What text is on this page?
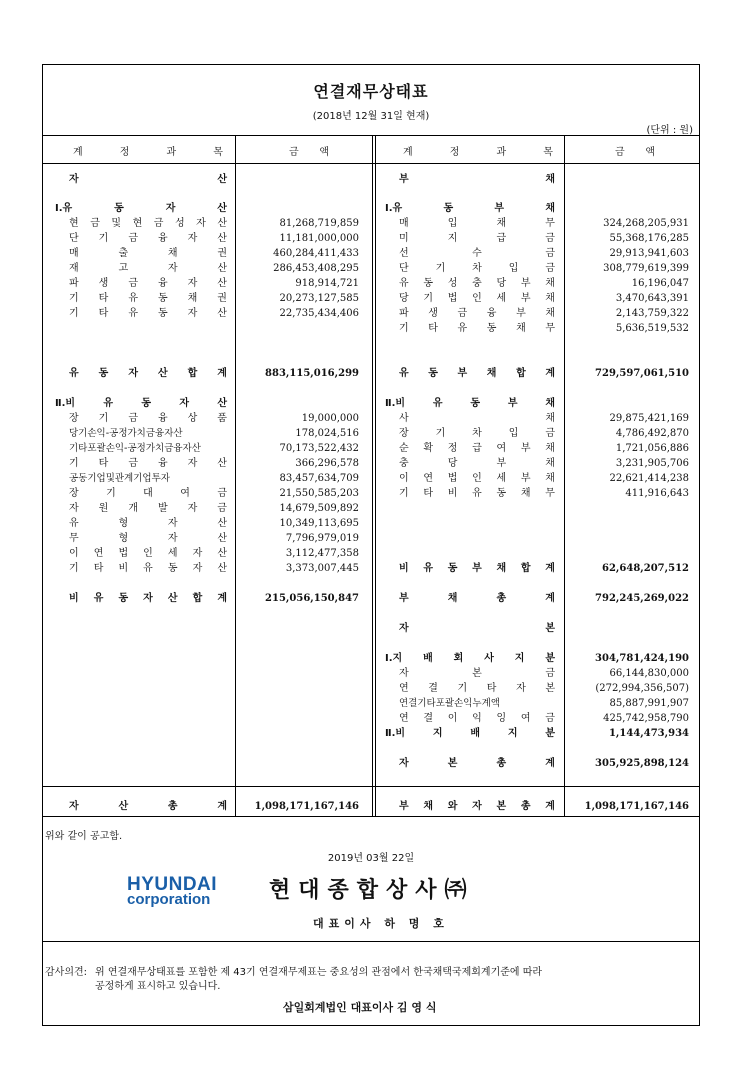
연결재무상태표
(2018년 12월 31일 현재)
(단위 : 원)
계	정	과	목	금 액	계	정	과	목	금 액
자	산
Ⅰ.유	동	자	산
현 금 및 현 금 성 자 산	81,268,719,859
단 기 금 융 자 산	11,181,000,000
매	출	채	권	460,284,411,433
재	고	자	산	286,453,408,295
파 생 금 융 자 산	918,914,721
기 타 유 동 채 권	20,273,127,585
기 타 유 동 자 산	22,735,434,406
유 동 자 산 합 계	883,115,016,299
Ⅱ.비	유	동	자	산
장 기 금 융 상 품	19,000,000
당기손익-공정가치금융자산	178,024,516
기타포괄손익-공정가치금융자산	70,173,522,432
기 타 금 융 자 산	366,296,578
공동기업및관계기업투자	83,457,634,709
장	기	대	여	금	21,550,585,203
자 원 개 발 자 금	14,679,509,892
유	형	자	산	10,349,113,695
무	형	자	산	7,796,979,019
이 연 법 인 세 자 산	3,112,477,358
기 타 비 유 동 자 산	3,373,007,445
비 유 동 자 산 합 계	215,056,150,847
자	산	총	계	1,098,171,167,146
부	채
Ⅰ.유	동	부	채
매	입	채	무	324,268,205,931
미	지	급	금	55,368,176,285
선	수	금	29,913,941,603
단	기	차	입	금	308,779,619,399
유 동 성 충 당 부 채	16,196,047
당 기 법 인 세 부 채	3,470,643,391
파 생 금 융 부 채	2,143,759,322
기 타 유 동 채 무	5,636,519,532
유 동 부 채 합 계	729,597,061,510
Ⅱ.비	유	동	부	채
사	채	29,875,421,169
장	기	차	입	금	4,786,492,870
순 확 정 급 여 부 채	1,721,056,886
충	당	부	채	3,231,905,706
이 연 법 인 세 부 채	22,621,414,238
기 타 비 유 동 채 무	411,916,643
비 유 동 부 채 합 계	62,648,207,512
부	채	총	계	792,245,269,022
자	본
Ⅰ.지 배 회 사 지 분	304,781,424,190
자	본	금	66,144,830,000
연 결 기 타 자 본	(272,994,356,507)
연결기타포괄손익누계액	85,887,991,907
연 결 이 익 잉 여 금	425,742,958,790
Ⅱ.비	지	배	지	분	1,144,473,934
자	본	총	계	305,925,898,124
부 채 와 자 본 총 계	1,098,171,167,146
위와 같이 공고함.
2019년 03월 22일
HYUNDAI
corporation	현대종합상사㈜
대표이사 하 명 호
감사의견: 위 연결재무상태표를 포함한 제 43기 연결재무제표는 중요성의 관점에서 한국채택국제회계기준에 따라
공정하게 표시하고 있습니다.
삼일회계법인 대표이사 김 영 식
